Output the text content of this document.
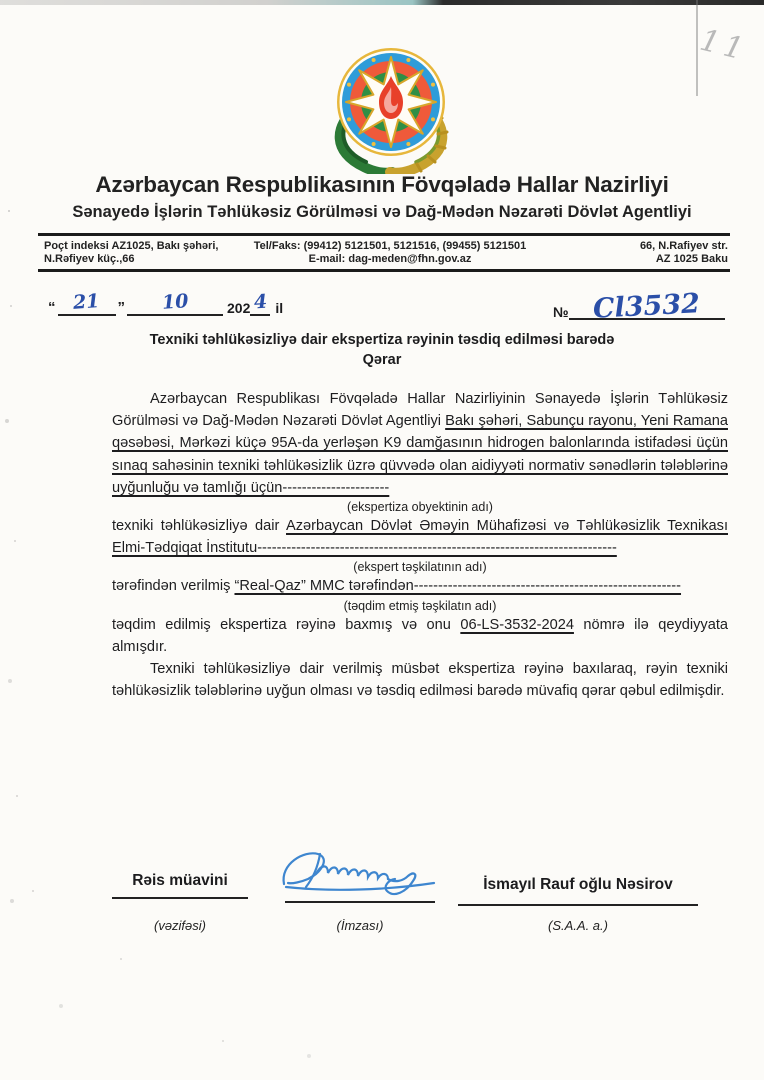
11
Azərbaycan Respublikasının Fövqəladə Hallar Nazirliyi
Sənayedə İşlərin Təhlükəsiz Görülməsi və Dağ-Mədən Nəzarəti Dövlət Agentliyi
Poçt indeksi AZ1025, Bakı şəhəri,
N.Rəfiyev küç.,66
Tel/Faks: (99412) 5121501, 5121516, (99455) 5121501
E-mail: dag-meden@fhn.gov.az
66, N.Rafiyev str.
AZ 1025 Baku
“ 21	”	10	202 4 il	№ Cl3532
Texniki təhlükəsizliyə dair ekspertiza rəyinin təsdiq edilməsi barədə
Qərar

Azərbaycan Respublikası Fövqəladə Hallar Nazirliyinin Sənayedə İşlərin Təhlükəsiz Görülməsi və Dağ-Mədən Nəzarəti Dövlət Agentliyi Bakı şəhəri, Sabunçu rayonu, Yeni Ramana qəsəbəsi, Mərkəzi küçə 95A-da yerləşən K9 damğasının hidrogen balonlarında istifadəsi üçün sınaq sahəsinin texniki təhlükəsizlik üzrə qüvvədə olan aidiyyəti normativ sənədlərin tələblərinə uyğunluğu və tamlığı üçün----------------------

(ekspertiza obyektinin adı)

texniki təhlükəsizliyə dair Azərbaycan Dövlət Əməyin Mühafizəsi və Təhlükəsizlik Texnikası Elmi-Tədqiqat İnstitutu--------------------------------------------------------------------------

(ekspert təşkilatının adı)

tərəfindən verilmiş “Real-Qaz” MMC tərəfindən-------------------------------------------------------

(təqdim etmiş təşkilatın adı)

təqdim edilmiş ekspertiza rəyinə baxmış və onu 06-LS-3532-2024 nömrə ilə qeydiyyata almışdır.

Texniki təhlükəsizliyə dair verilmiş müsbət ekspertiza rəyinə baxılaraq, rəyin texniki təhlükəsizlik tələblərinə uyğun olması və təsdiq edilməsi barədə müvafiq qərar qəbul edilmişdir.

Rəis müavini	İsmayıl Rauf oğlu Nəsirov
(vəzifəsi)	(İmzası)	(S.A.A. a.)
